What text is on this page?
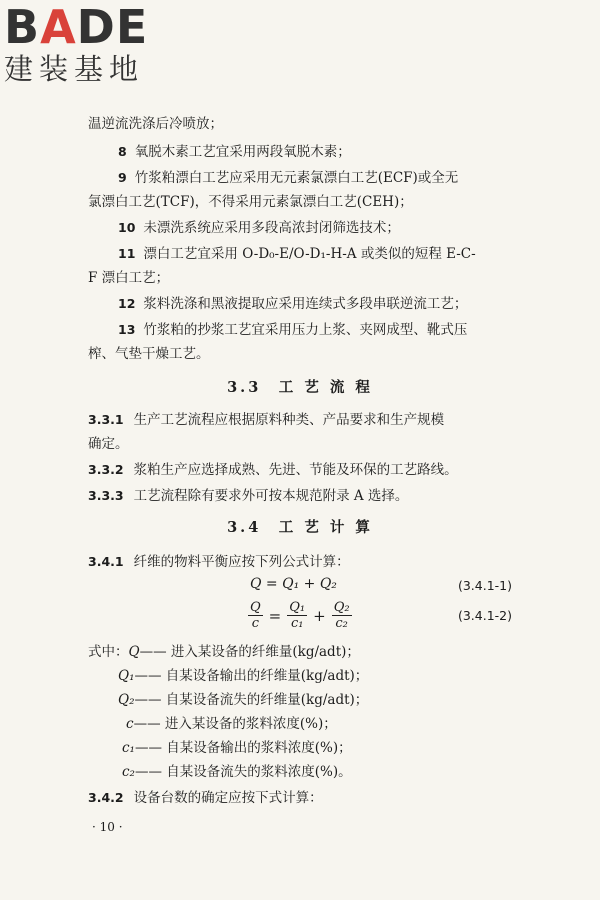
BADE
建装基地
温逆流洗涤后冷喷放；
8 氧脱木素工艺宜采用两段氧脱木素；
9 竹浆粕漂白工艺应采用无元素氯漂白工艺(ECF)或全无
氯漂白工艺(TCF)，不得采用元素氯漂白工艺(CEH)；
10 未漂洗系统应采用多段高浓封闭筛选技术；
11 漂白工艺宜采用 O-D₀-E/O-D₁-H-A 或类似的短程 E-C-
F 漂白工艺；
12 浆料洗涤和黑液提取应采用连续式多段串联逆流工艺；
13 竹浆粕的抄浆工艺宜采用压力上浆、夹网成型、靴式压
榨、气垫干燥工艺。
3.3　工 艺 流 程
3.3.1 生产工艺流程应根据原料种类、产品要求和生产规模
确定。
3.3.2 浆粕生产应选择成熟、先进、节能及环保的工艺路线。
3.3.3 工艺流程除有要求外可按本规范附录 A 选择。
3.4　工 艺 计 算
3.4.1 纤维的物料平衡应按下列公式计算：
Q = Q₁ + Q₂	(3.4.1-1)
$\frac{Q}{c} = \frac{\text{Q₁}}{\text{c₁}} + \frac{\text{Q₂}}{\text{c₂}}$	(3.4.1-2)
式中：Q—— 进入某设备的纤维量(kg/adt)；
Q₁—— 自某设备输出的纤维量(kg/adt)；
Q₂—— 自某设备流失的纤维量(kg/adt)；
c—— 进入某设备的浆料浓度(%)；
c₁—— 自某设备输出的浆料浓度(%)；
c₂—— 自某设备流失的浆料浓度(%)。
3.4.2 设备台数的确定应按下式计算：
· 10 ·
